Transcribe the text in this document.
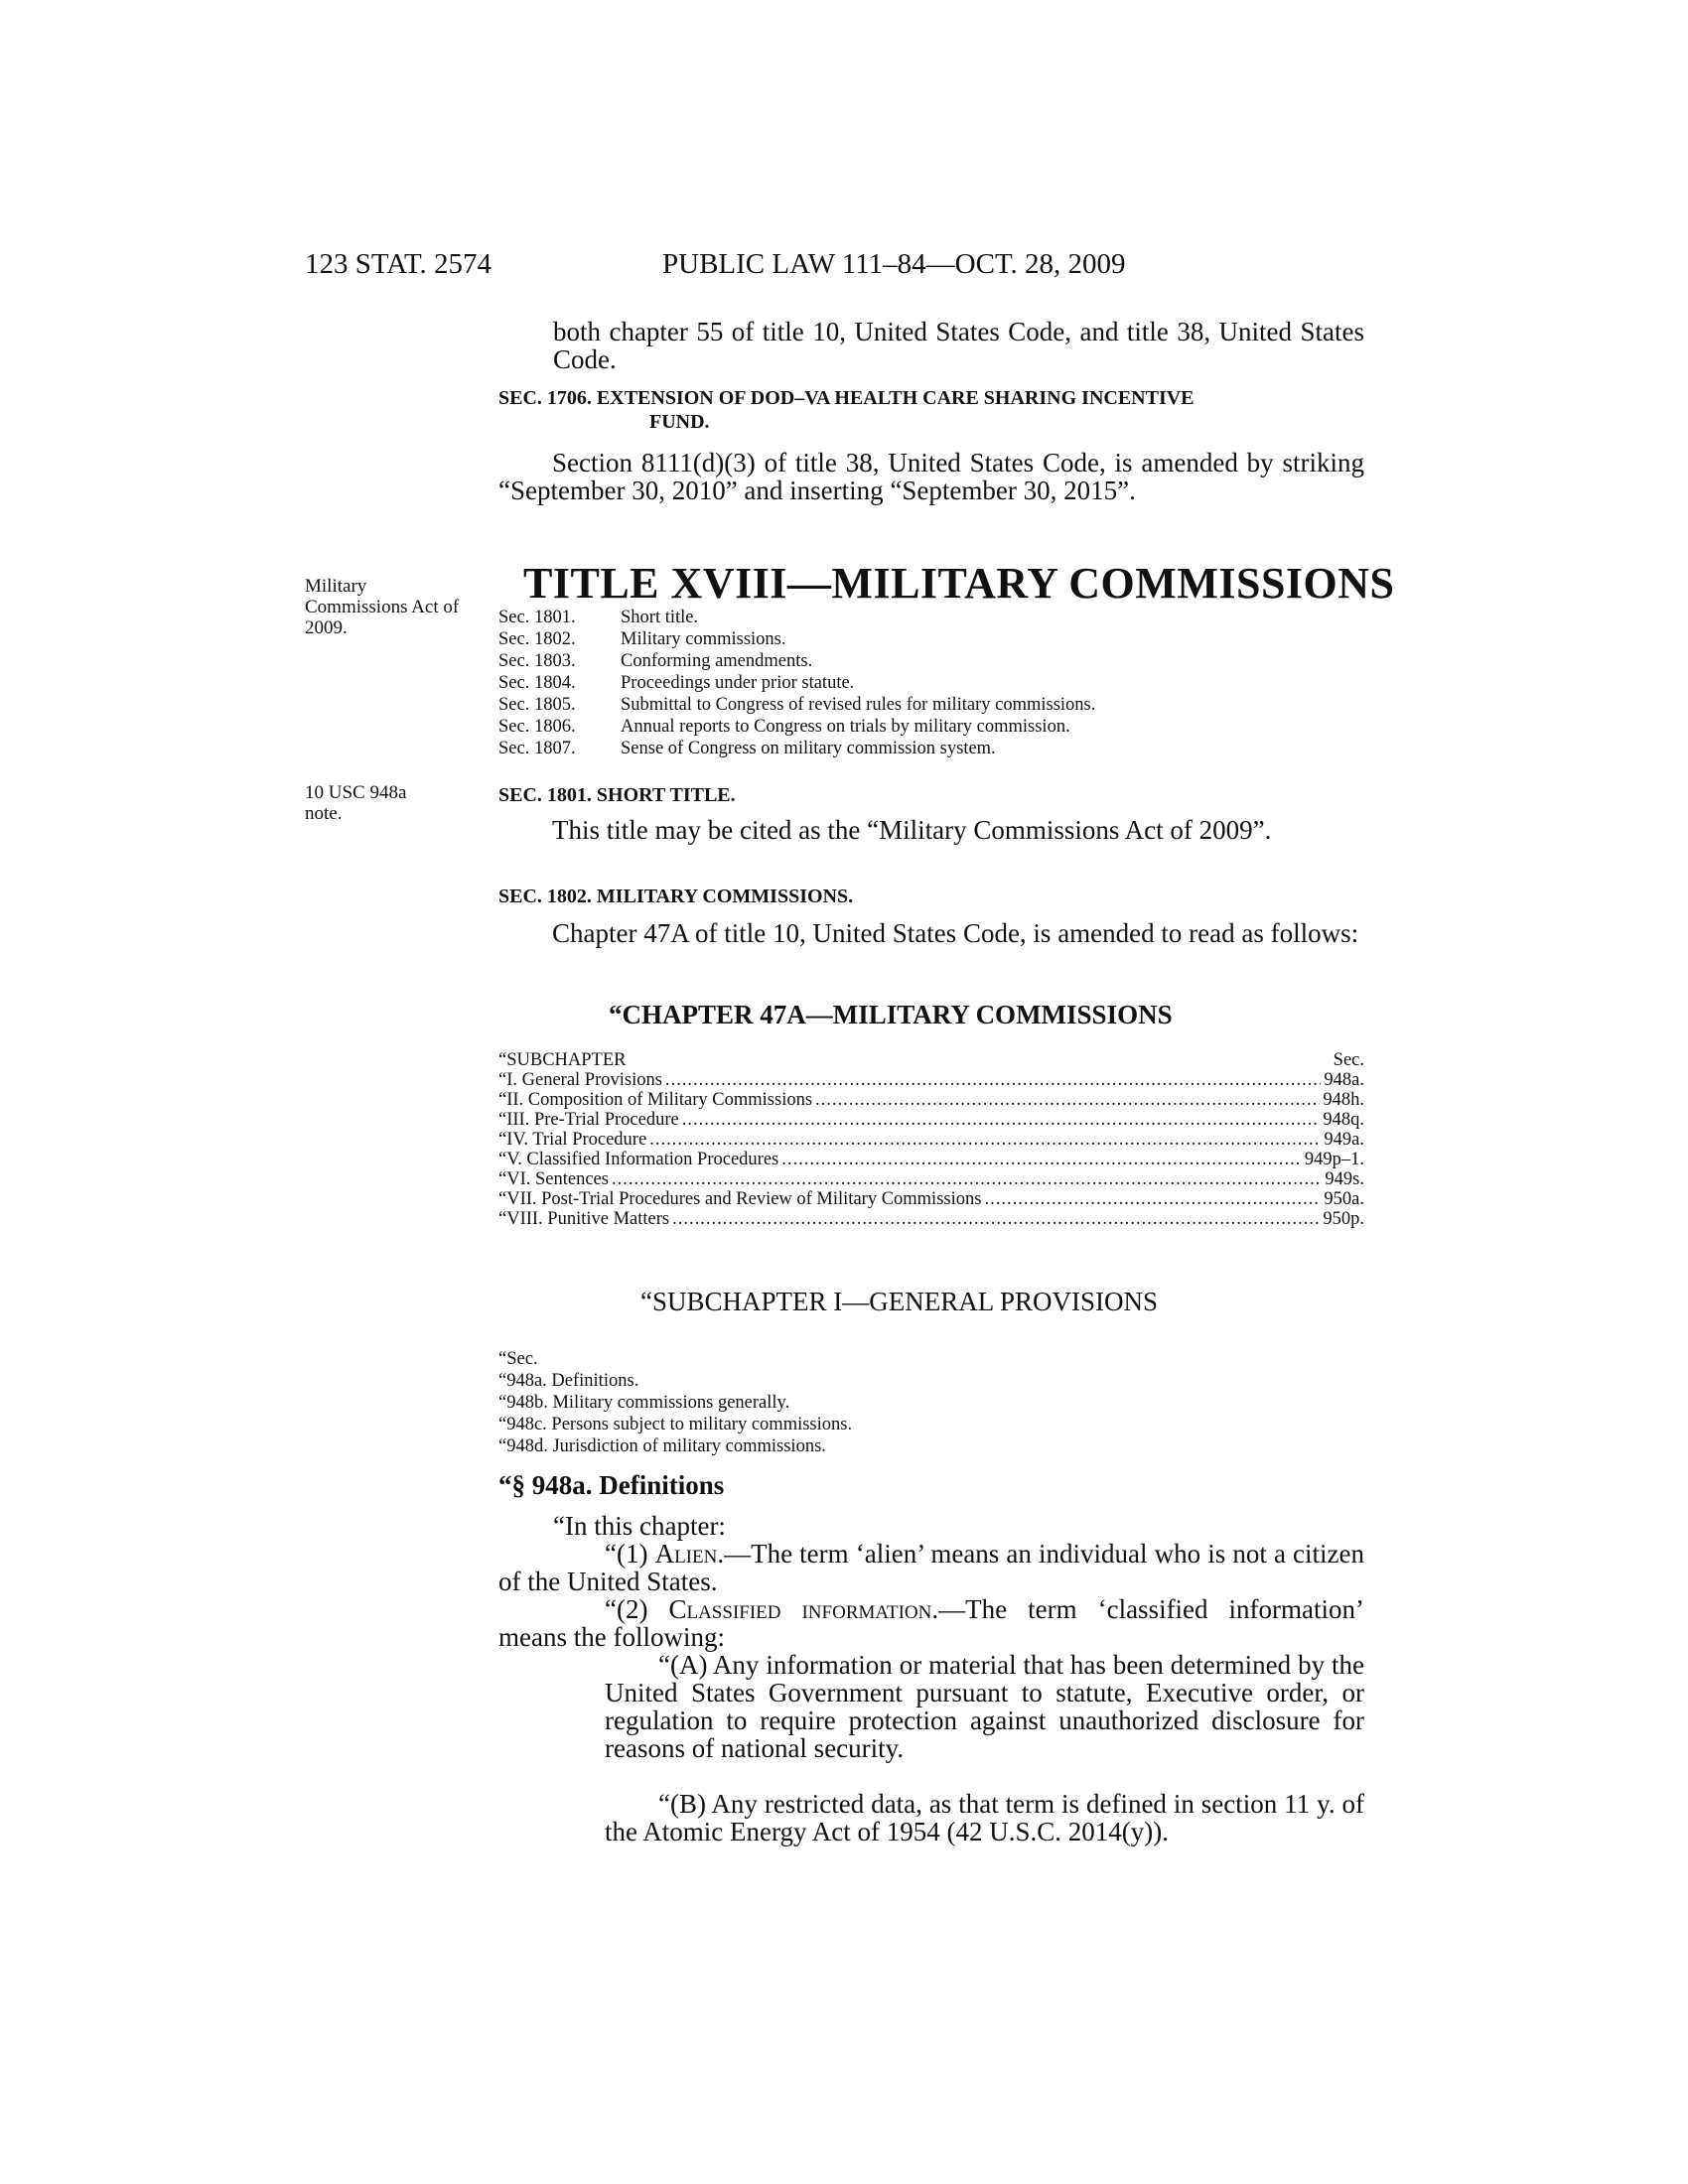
123 STAT. 2574	PUBLIC LAW 111–84—OCT. 28, 2009
both chapter 55 of title 10, United States Code, and title 38, United States Code.
SEC. 1706. EXTENSION OF DOD–VA HEALTH CARE SHARING INCENTIVE
FUND.
Section 8111(d)(3) of title 38, United States Code, is amended by striking “September 30, 2010” and inserting “September 30, 2015”.
Military Commissions Act of 2009.
10 USC 948a note.
TITLE XVIII—MILITARY COMMISSIONS
Sec. 1801.	Short title.
Sec. 1802.	Military commissions.
Sec. 1803.	Conforming amendments.
Sec. 1804.	Proceedings under prior statute.
Sec. 1805.	Submittal to Congress of revised rules for military commissions.
Sec. 1806.	Annual reports to Congress on trials by military commission.
Sec. 1807.	Sense of Congress on military commission system.
SEC. 1801. SHORT TITLE.
This title may be cited as the “Military Commissions Act of 2009”.
SEC. 1802. MILITARY COMMISSIONS.
Chapter 47A of title 10, United States Code, is amended to read as follows:
“CHAPTER 47A—MILITARY COMMISSIONS
“SUBCHAPTER	Sec.
“I. General Provisions .....	948a.
“II. Composition of Military Commissions .....	948h.
“III. Pre-Trial Procedure .....	948q.
“IV. Trial Procedure .....	949a.
“V. Classified Information Procedures .....	949p–1.
“VI. Sentences .....	949s.
“VII. Post-Trial Procedures and Review of Military Commissions .....	950a.
“VIII. Punitive Matters .....	950p.
“SUBCHAPTER I—GENERAL PROVISIONS
“Sec.
“948a. Definitions.
“948b. Military commissions generally.
“948c. Persons subject to military commissions.
“948d. Jurisdiction of military commissions.
“§ 948a. Definitions
“In this chapter:
“(1) Alien.—The term ‘alien’ means an individual who is not a citizen of the United States.
“(2) Classified information.—The term ‘classified information’ means the following:
“(A) Any information or material that has been determined by the United States Government pursuant to statute, Executive order, or regulation to require protection against unauthorized disclosure for reasons of national security.
“(B) Any restricted data, as that term is defined in section 11 y. of the Atomic Energy Act of 1954 (42 U.S.C. 2014(y)).
